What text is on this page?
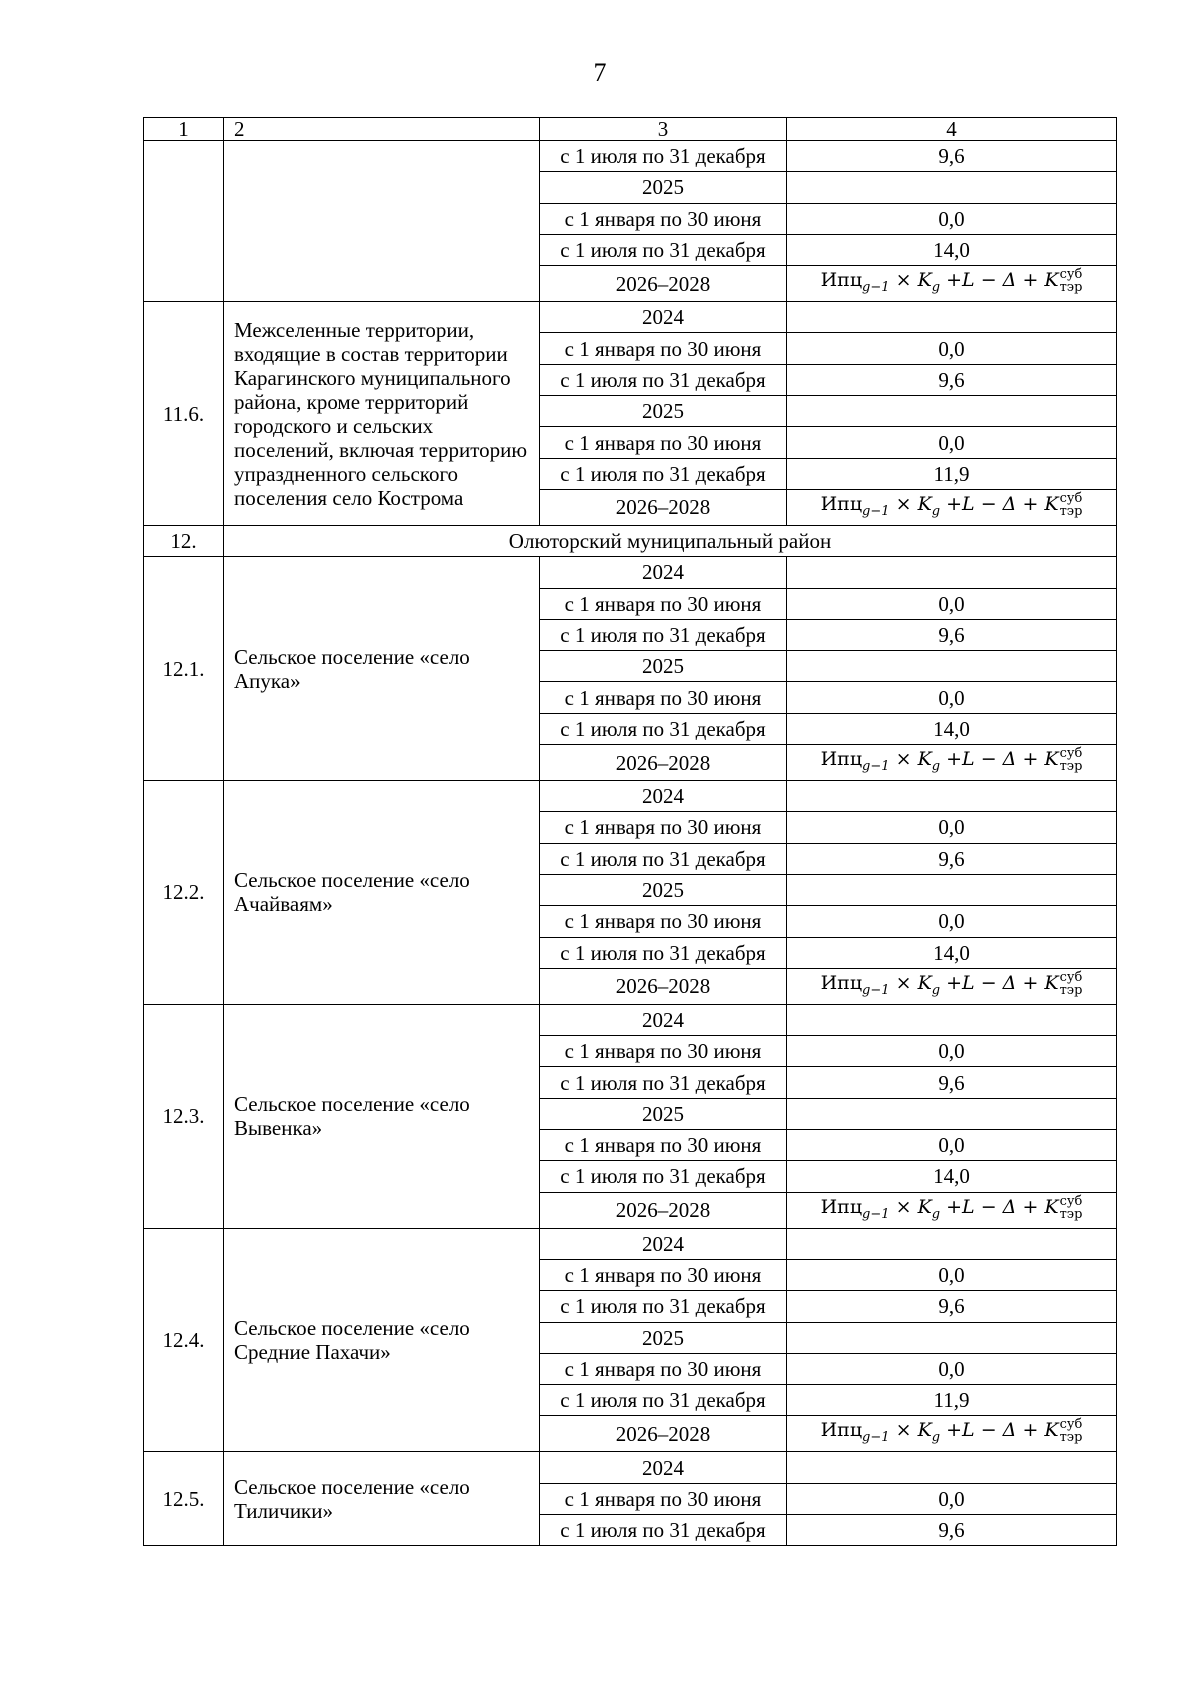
7
1	2	3	4
		с 1 июля по 31 декабря	9,6
		2025	
		с 1 января по 30 июня	0,0
		с 1 июля по 31 декабря	14,0
		2026–2028	$Ипц_{g-1} \times K_g +L - \Delta + K$ суб
тэр

11.6.	Межселенные территории, входящие в состав территории Карагинского муниципального района, кроме территорий городского и сельских поселений, включая территорию упраздненного сельского поселения село Кострома	2024	
		с 1 января по 30 июня	0,0
		с 1 июля по 31 декабря	9,6
		2025	
		с 1 января по 30 июня	0,0
		с 1 июля по 31 декабря	11,9
		2026–2028	$Ипц_{g-1} \times K_g +L - \Delta + K$ суб
тэр

12.	Олюторский муниципальный район		
12.1.	Сельское поселение «село Апука»	2024	
		с 1 января по 30 июня	0,0
		с 1 июля по 31 декабря	9,6
		2025	
		с 1 января по 30 июня	0,0
		с 1 июля по 31 декабря	14,0
		2026–2028	$Ипц_{g-1} \times K_g +L - \Delta + K$ суб
тэр

12.2.	Сельское поселение «село Ачайваям»	2024	
		с 1 января по 30 июня	0,0
		с 1 июля по 31 декабря	9,6
		2025	
		с 1 января по 30 июня	0,0
		с 1 июля по 31 декабря	14,0
		2026–2028	$Ипц_{g-1} \times K_g +L - \Delta + K$ суб
тэр

12.3.	Сельское поселение «село Вывенка»	2024	
		с 1 января по 30 июня	0,0
		с 1 июля по 31 декабря	9,6
		2025	
		с 1 января по 30 июня	0,0
		с 1 июля по 31 декабря	14,0
		2026–2028	$Ипц_{g-1} \times K_g +L - \Delta + K$ суб
тэр

12.4.	Сельское поселение «село Средние Пахачи»	2024	
		с 1 января по 30 июня	0,0
		с 1 июля по 31 декабря	9,6
		2025	
		с 1 января по 30 июня	0,0
		с 1 июля по 31 декабря	11,9
		2026–2028	$Ипц_{g-1} \times K_g +L - \Delta + K$ суб
тэр

12.5.	Сельское поселение «село Тиличики»	2024	
		с 1 января по 30 июня	0,0
		с 1 июля по 31 декабря	9,6
